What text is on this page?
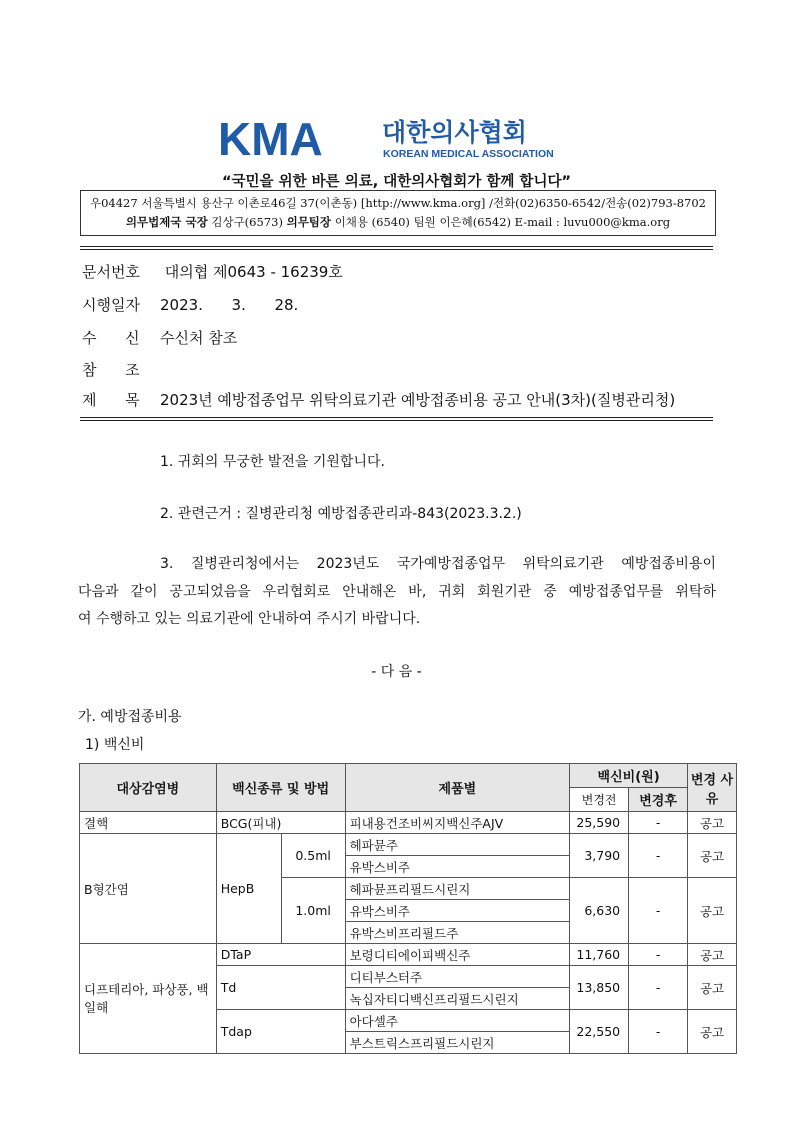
KMA 대한의사협회
KOREAN MEDICAL ASSOCIATION
“국민을 위한 바른 의료, 대한의사협회가 함께 합니다”
우04427 서울특별시 용산구 이촌로46길 37(이촌동) [http://www.kma.org] /전화(02)6350-6542/전송(02)793-8702
의무법제국 국장 김상구(6573) 의무팀장 이채용 (6540) 팀원 이은혜(6542) E-mail : luvu000@kma.org
문서번호 대의협 제0643 - 16239호
시행일자 2023.      3.      28.
수      신 수신처 참조
참      조
제      목 2023년 예방접종업무 위탁의료기관 예방접종비용 공고 안내(3차)(질병관리청)
1. 귀회의 무궁한 발전을 기원합니다.
2. 관련근거 : 질병관리청 예방접종관리과-843(2023.3.2.)
3. 질병관리청에서는 2023년도 국가예방접종업무 위탁의료기관 예방접종비용이
다음과 같이 공고되었음을 우리협회로 안내해온 바, 귀회 회원기관 중 예방접종업무를 위탁하
여 수행하고 있는 의료기관에 안내하여 주시기 바랍니다.
- 다 음 -
가. 예방접종비용
1) 백신비
대상감염병	백신종류 및 방법		제품별	백신비(원)		변경 사유
				변경전	변경후	
결핵	BCG(피내)		피내용건조비씨지백신주AJV	25,590	-	공고
B형간염	HepB	0.5ml	헤파뮨주	3,790	-	공고
			유박스비주			
		1.0ml	헤파뮨프리필드시린지	6,630	-	공고
			유박스비주			
			유박스비프리필드주			
디프테리아, 파상풍, 백일해	DTaP		보령디티에이피백신주	11,760	-	공고
	Td		디티부스터주	13,850	-	공고
			녹십자티디백신프리필드시린지			
	Tdap		아다셀주	22,550	-	공고
			부스트릭스프리필드시린지			
